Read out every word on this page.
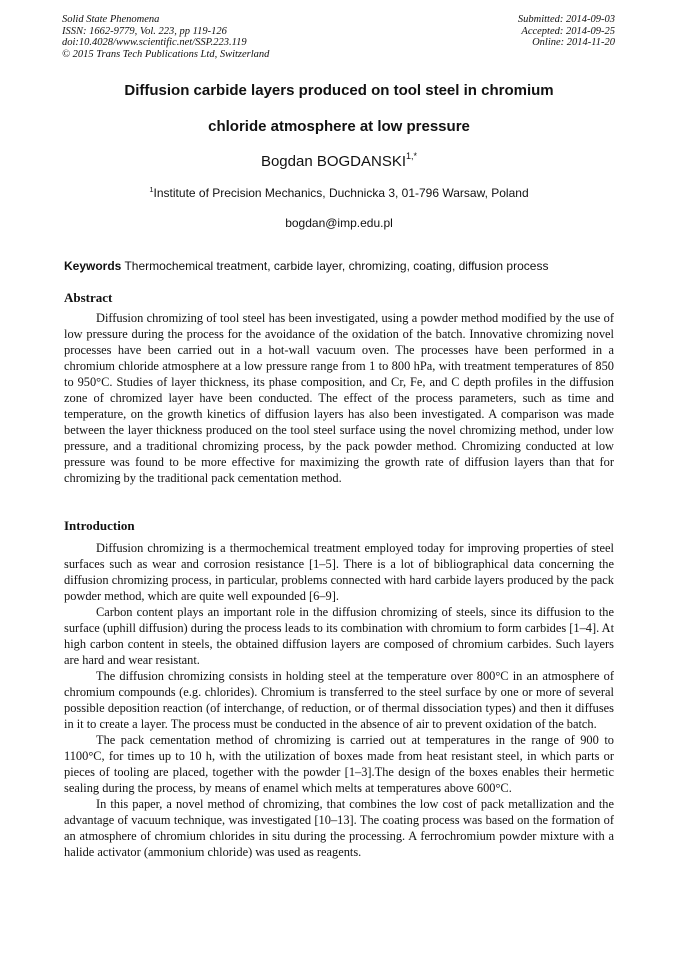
Solid State Phenomena
ISSN: 1662-9779, Vol. 223, pp 119-126
doi:10.4028/www.scientific.net/SSP.223.119
© 2015 Trans Tech Publications Ltd, Switzerland
Submitted: 2014-09-03
Accepted: 2014-09-25
Online: 2014-11-20
Diffusion carbide layers produced on tool steel in chromium
chloride atmosphere at low pressure
Bogdan $BOGDANSKI^{1,*}$
$^1$Institute of Precision Mechanics, Duchnicka 3, 01-796 Warsaw, Poland
bogdan@imp.edu.pl
Keywords Thermochemical treatment, carbide layer, chromizing, coating, diffusion process
Abstract

Diffusion chromizing of tool steel has been investigated, using a powder method modified by the use of low pressure during the process for the avoidance of the oxidation of the batch. Innovative chromizing novel processes have been carried out in a hot-wall vacuum oven. The processes have been performed in a chromium chloride atmosphere at a low pressure range from 1 to 800 hPa, with treatment temperatures of 850 to 950°C. Studies of layer thickness, its phase composition, and Cr, Fe, and C depth profiles in the diffusion zone of chromized layer have been conducted. The effect of the process parameters, such as time and temperature, on the growth kinetics of diffusion layers has also been investigated. A comparison was made between the layer thickness produced on the tool steel surface using the novel chromizing method, under low pressure, and a traditional chromizing process, by the pack powder method. Chromizing conducted at low pressure was found to be more effective for maximizing the growth rate of diffusion layers than that for chromizing by the traditional pack cementation method.

Introduction

Diffusion chromizing is a thermochemical treatment employed today for improving properties of steel surfaces such as wear and corrosion resistance [1–5]. There is a lot of bibliographical data concerning the diffusion chromizing process, in particular, problems connected with hard carbide layers produced by the pack powder method, which are quite well expounded [6–9].

Carbon content plays an important role in the diffusion chromizing of steels, since its diffusion to the surface (uphill diffusion) during the process leads to its combination with chromium to form carbides [1–4]. At high carbon content in steels, the obtained diffusion layers are composed of chromium carbides. Such layers are hard and wear resistant.

The diffusion chromizing consists in holding steel at the temperature over 800°C in an atmosphere of chromium compounds (e.g. chlorides). Chromium is transferred to the steel surface by one or more of several possible deposition reaction (of interchange, of reduction, or of thermal dissociation types) and then it diffuses in it to create a layer. The process must be conducted in the absence of air to prevent oxidation of the batch.

The pack cementation method of chromizing is carried out at temperatures in the range of 900 to 1100°C, for times up to 10 h, with the utilization of boxes made from heat resistant steel, in which parts or pieces of tooling are placed, together with the powder [1–3].The design of the boxes enables their hermetic sealing during the process, by means of enamel which melts at temperatures above 600°C.

In this paper, a novel method of chromizing, that combines the low cost of pack metallization and the advantage of vacuum technique, was investigated [10–13]. The coating process was based on the formation of an atmosphere of chromium chlorides in situ during the processing. A ferrochromium powder mixture with a halide activator (ammonium chloride) was used as reagents.
